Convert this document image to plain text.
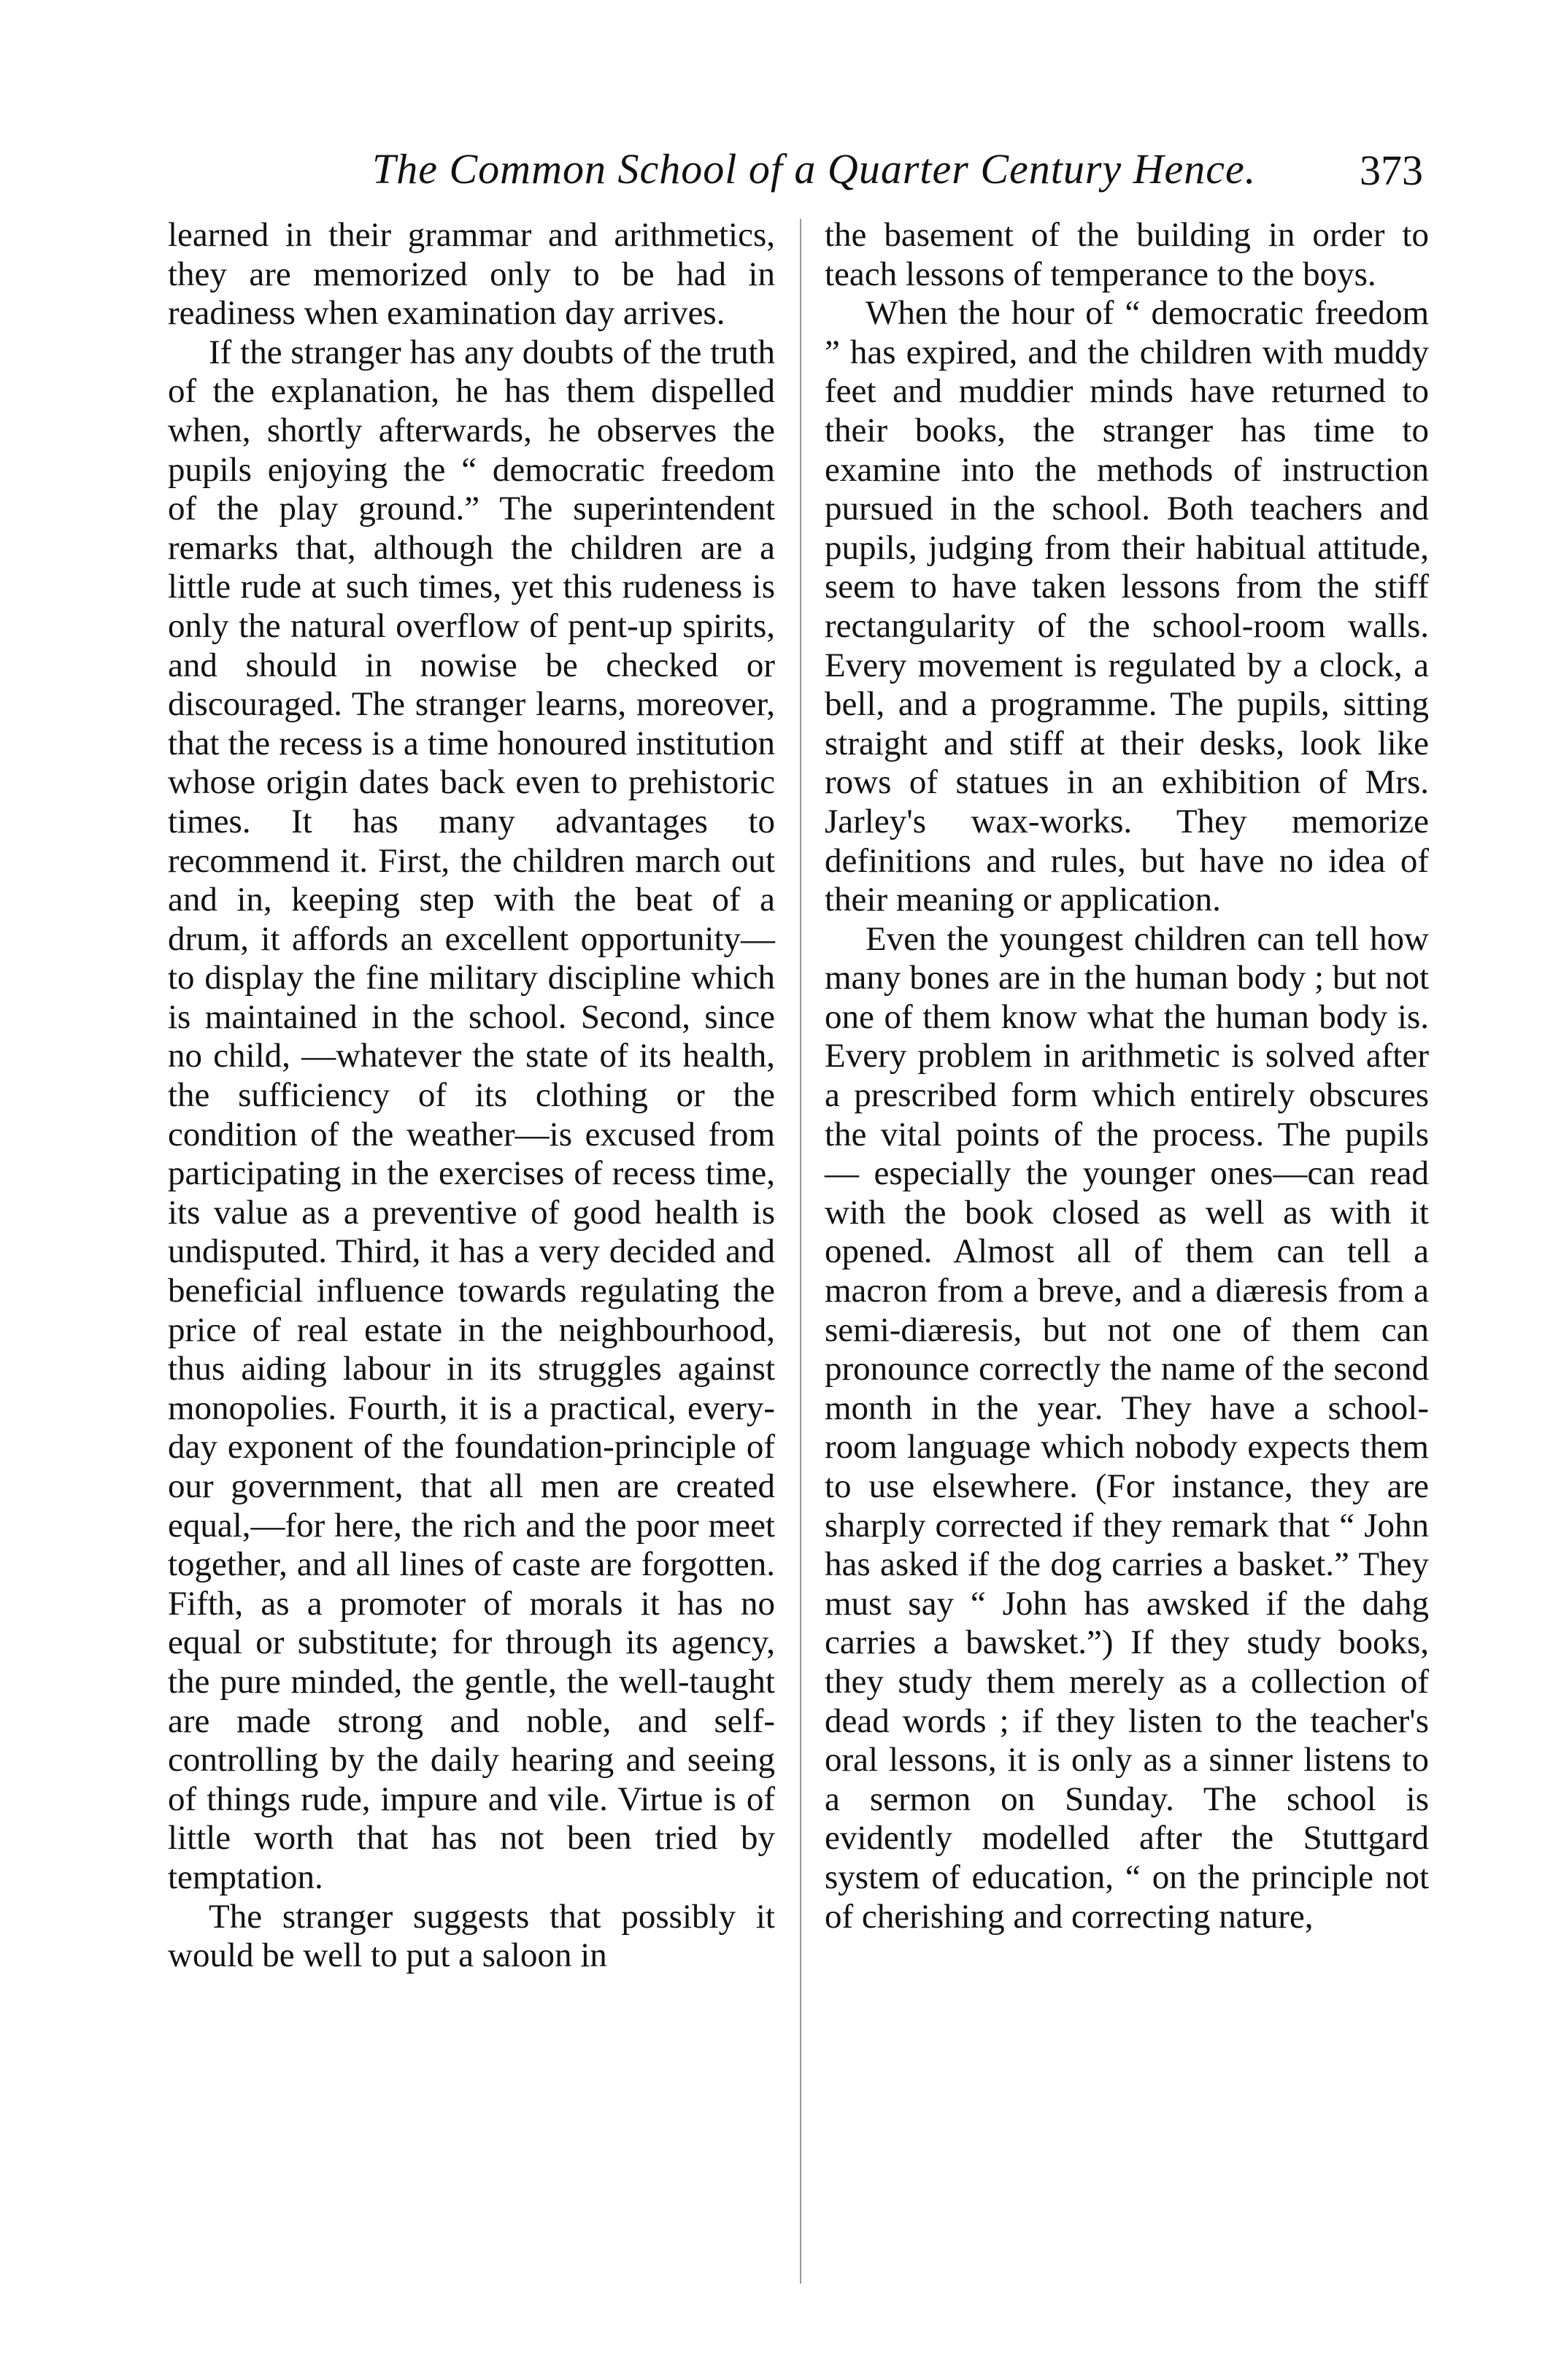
The Common School of a Quarter Century Hence. 373

learned in their grammar and arithmetics, they are memorized only to be had in readiness when examination day arrives.

If the stranger has any doubts of the truth of the explanation, he has them dispelled when, shortly afterwards, he observes the pupils enjoying the “ democratic freedom of the play ground.” The superintendent remarks that, although the children are a little rude at such times, yet this rudeness is only the natural overflow of pent-up spirits, and should in nowise be checked or discouraged. The stranger learns, moreover, that the recess is a time honoured institution whose origin dates back even to prehistoric times. It has many advantages to recommend it. First, the children march out and in, keeping step with the beat of a drum, it affords an excellent opportunity—to display the fine military discipline which is maintained in the school. Second, since no child, —whatever the state of its health, the sufficiency of its clothing or the condition of the weather—is excused from participating in the exercises of recess time, its value as a preventive of good health is undisputed. Third, it has a very decided and beneficial influence towards regulating the price of real estate in the neighbourhood, thus aiding labour in its struggles against monopolies. Fourth, it is a practical, every-day exponent of the foundation-principle of our government, that all men are created equal,—for here, the rich and the poor meet together, and all lines of caste are forgotten. Fifth, as a promoter of morals it has no equal or substitute; for through its agency, the pure minded, the gentle, the well-taught are made strong and noble, and self-controlling by the daily hearing and seeing of things rude, impure and vile. Virtue is of little worth that has not been tried by temptation.

The stranger suggests that possibly it would be well to put a saloon in

the basement of the building in order to teach lessons of temperance to the boys.

When the hour of “ democratic freedom ” has expired, and the children with muddy feet and muddier minds have returned to their books, the stranger has time to examine into the methods of instruction pursued in the school. Both teachers and pupils, judging from their habitual attitude, seem to have taken lessons from the stiff rectangularity of the school-room walls. Every movement is regulated by a clock, a bell, and a programme. The pupils, sitting straight and stiff at their desks, look like rows of statues in an exhibition of Mrs. Jarley's wax-works. They memorize definitions and rules, but have no idea of their meaning or application.

Even the youngest children can tell how many bones are in the human body ; but not one of them know what the human body is. Every problem in arithmetic is solved after a prescribed form which entirely obscures the vital points of the process. The pupils — especially the younger ones—can read with the book closed as well as with it opened. Almost all of them can tell a macron from a breve, and a diæresis from a semi-diæresis, but not one of them can pronounce correctly the name of the second month in the year. They have a school-room language which nobody expects them to use elsewhere. (For instance, they are sharply corrected if they remark that “ John has asked if the dog carries a basket.” They must say “ John has awsked if the dahg carries a bawsket.”) If they study books, they study them merely as a collection of dead words ; if they listen to the teacher's oral lessons, it is only as a sinner listens to a sermon on Sunday. The school is evidently modelled after the Stuttgard system of education, “ on the principle not of cherishing and correcting nature,
